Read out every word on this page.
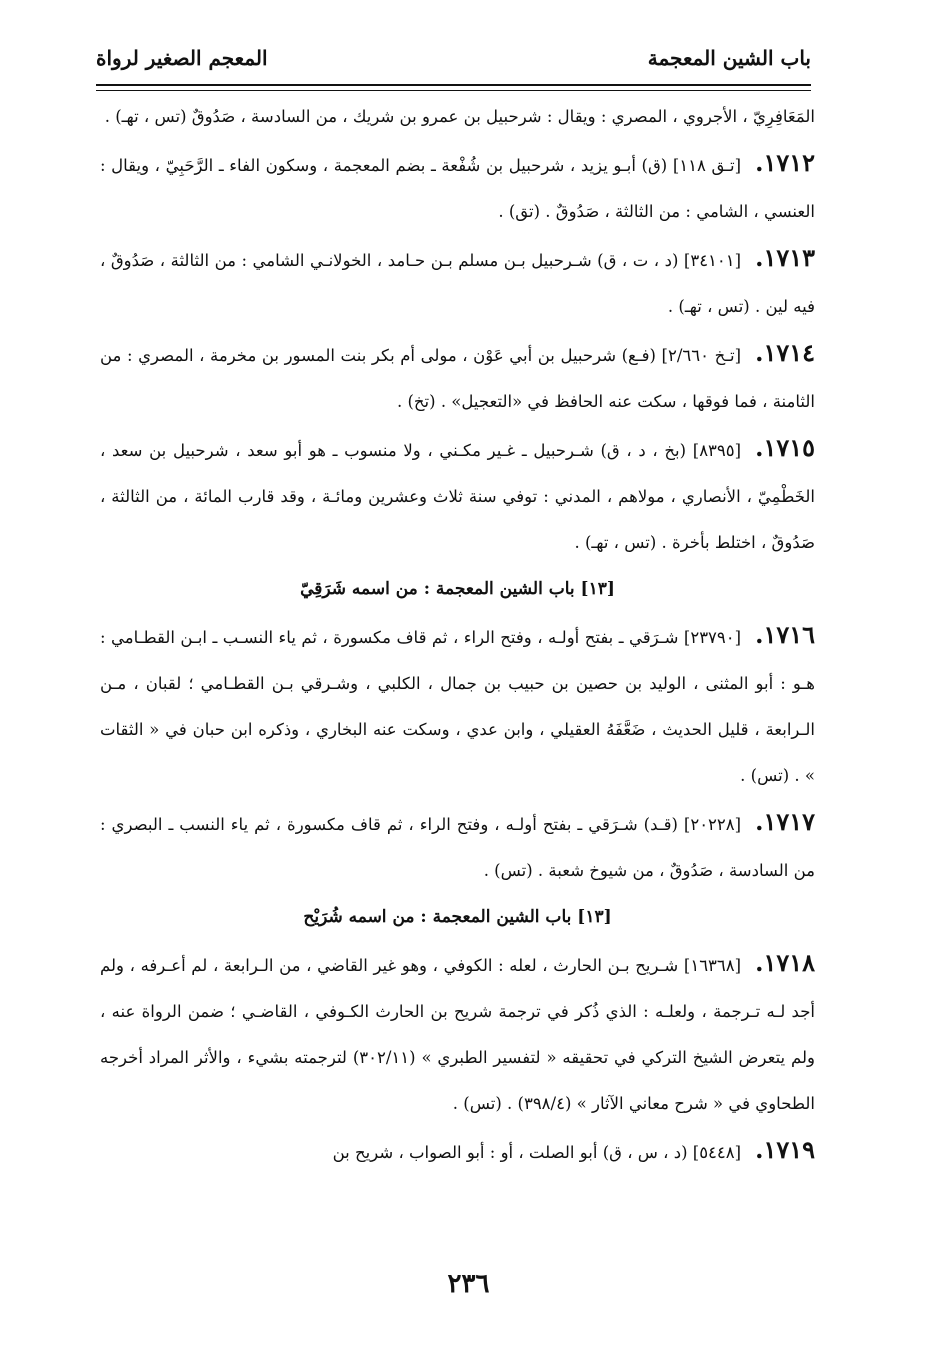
باب الشين المعجمة
المعجم الصغير لرواة

المَعَافِرِيّ ، الأجروي ، المصري : ويقال : شرحبيل بن عمرو بن شريك ، من السادسة ، صَدُوقٌ (تس ، تهـ) .

١٧١٢.[تـق ١١٨] (ق) أبـو يزيد ، شرحبيل بن شُفْعة ـ بضم المعجمة ، وسكون الفاء ـ الرَّحَبِيّ ، ويقال : العنسي ، الشامي : من الثالثة ، صَدُوقٌ . (تق) .

١٧١٣.[٣٤١٠١] (د ، ت ، ق) شـرحبيل بـن مسلم بـن حـامد ، الخولانـي الشامي : من الثالثة ، صَدُوقٌ ، فيه لين . (تس ، تهـ) .

١٧١٤.[تـخ ٢/٦٦٠] (فـع) شرحبيل بن أبي عَوْن ، مولى أم بكر بنت المسور بن مخرمة ، المصري : من الثامنة ، فما فوقها ، سكت عنه الحافظ في «التعجيل» . (تخ) .

١٧١٥.[٨٣٩٥] (بخ ، د ، ق) شـرحبيل ـ غـير مكـني ، ولا منسوب ـ هو أبو سعد ، شرحبيل بن سعد ، الخَطْمِيّ ، الأنصاري ، مولاهم ، المدني : توفي سنة ثلاث وعشرين ومائـة ، وقد قارب المائة ، من الثالثة ، صَدُوقٌ ، اختلط بأخرة . (تس ، تهـ) .

[١٣] باب الشين المعجمة : من اسمه شَرَقِيّ

١٧١٦.[٢٣٧٩٠] شـرَقي ـ بفتح أولـه ، وفتح الراء ، ثم قاف مكسورة ، ثم ياء النسـب ـ ابـن القطـامي : هـو : أبو المثنى ، الوليد بن حصين بن حبيب بن جمال ، الكلبي ، وشـرقي بـن القطـامي ؛ لقبان ، مـن الـرابعة ، قليل الحديث ، ضَعَّفَهُ العقيلي ، وابن عدي ، وسكت عنه البخاري ، وذكره ابن حبان في « الثقات » . (تس) .

١٧١٧.[٢٠٢٢٨] (قـد) شـرَقي ـ بفتح أولـه ، وفتح الراء ، ثم قاف مكسورة ، ثم ياء النسب ـ البصري : من السادسة ، صَدُوقٌ ، من شيوخ شعبة . (تس) .

[١٣] باب الشين المعجمة : من اسمه شُرَيْح

١٧١٨.[١٦٣٦٨] شـريح بـن الحارث ، لعله : الكوفي ، وهو غير القاضي ، من الـرابعة ، لم أعـرفه ، ولم أجد لـه تـرجمة ، ولعلـه : الذي ذُكر في ترجمة شريح بن الحارث الكـوفي ، القاضـي ؛ ضمن الرواة عنه ، ولم يتعرض الشيخ التركي في تحقيقه « لتفسير الطبري » (٣٠٢/١١) لترجمته بشيء ، والأثر المراد أخرجه الطحاوي في « شرح معاني الآثار » (٣٩٨/٤) . (تس) .

١٧١٩.[٥٤٤٨] (د ، س ، ق) أبو الصلت ، أو : أبو الصواب ، شريح بن

٢٣٦
